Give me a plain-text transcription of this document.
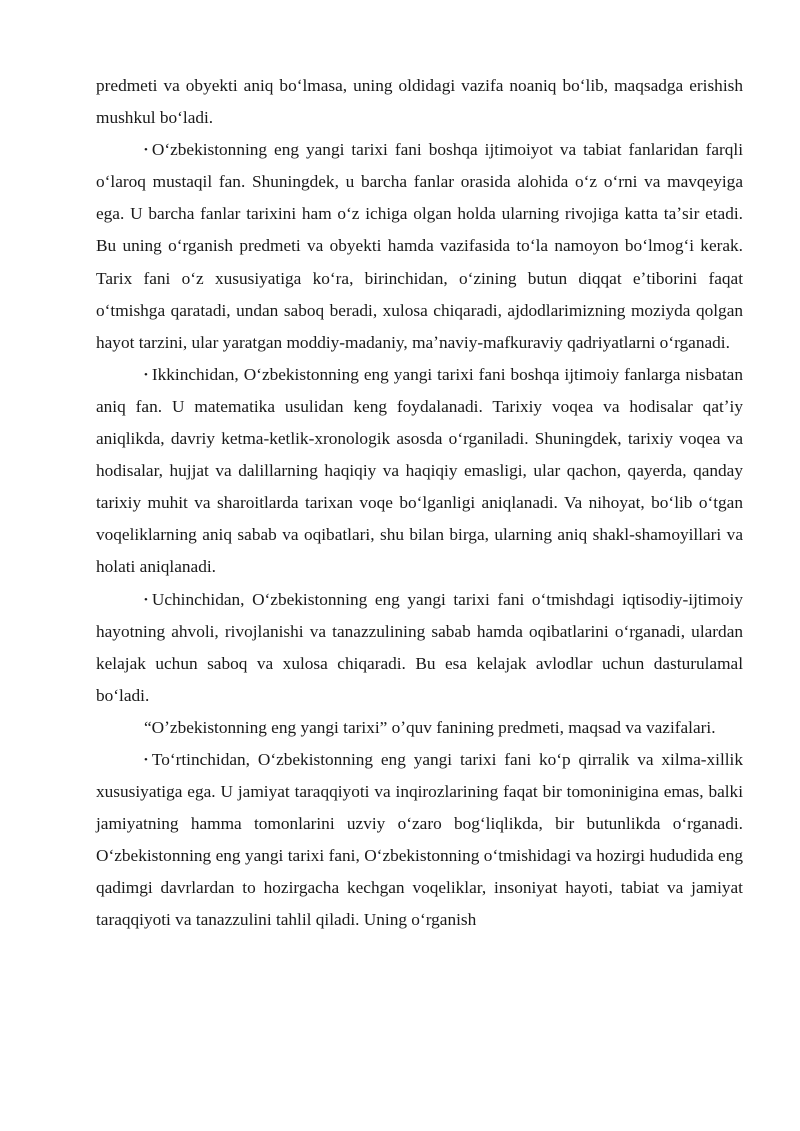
predmeti va obyekti aniq boʻlmasa, uning oldidagi vazifa noaniq boʻlib, maqsadga erishish mushkul boʻladi.

• Oʻzbekistonning eng yangi tarixi fani boshqa ijtimoiyot va tabiat fanlaridan farqli oʻlaroq mustaqil fan. Shuningdek, u barcha fanlar orasida alohida oʻz oʻrni va mavqeyiga ega. U barcha fanlar tarixini ham oʻz ichiga olgan holda ularning rivojiga katta taʼsir etadi. Bu uning oʻrganish predmeti va obyekti hamda vazifasida toʻla namoyon boʻlmogʻi kerak. Tarix fani oʻz xususiyatiga koʻra, birinchidan, oʻzining butun diqqat eʼtiborini faqat oʻtmishga qaratadi, undan saboq beradi, xulosa chiqaradi, ajdodlarimizning moziyda qolgan hayot tarzini, ular yaratgan moddiy-madaniy, maʼnaviy-mafkuraviy qadriyatlarni oʻrganadi.

• Ikkinchidan, Oʻzbekistonning eng yangi tarixi fani boshqa ijtimoiy fanlarga nisbatan aniq fan. U matematika usulidan keng foydalanadi. Tarixiy voqea va hodisalar qatʼiy aniqlikda, davriy ketma-ketlik-xronologik asosda oʻrganiladi. Shuningdek, tarixiy voqea va hodisalar, hujjat va dalillarning haqiqiy va haqiqiy emasligi, ular qachon, qayerda, qanday tarixiy muhit va sharoitlarda tarixan voqe boʻlganligi aniqlanadi. Va nihoyat, boʻlib oʻtgan voqeliklarning aniq sabab va oqibatlari, shu bilan birga, ularning aniq shakl-shamoyillari va holati aniqlanadi.

• Uchinchidan, Oʻzbekistonning eng yangi tarixi fani oʻtmishdagi iqtisodiy-ijtimoiy hayotning ahvoli, rivojlanishi va tanazzulining sabab hamda oqibatlarini oʻrganadi, ulardan kelajak uchun saboq va xulosa chiqaradi. Bu esa kelajak avlodlar uchun dasturulamal boʻladi.

“Oʼzbekistonning eng yangi tarixi” oʼquv fanining predmeti, maqsad va vazifalari.

• Toʻrtinchidan, Oʻzbekistonning eng yangi tarixi fani koʻp qirralik va xilma-xillik xususiyatiga ega. U jamiyat taraqqiyoti va inqirozlarining faqat bir tomoninigina emas, balki jamiyatning hamma tomonlarini uzviy oʻzaro bogʻliqlikda, bir butunlikda oʻrganadi. Oʻzbekistonning eng yangi tarixi fani, Oʻzbekistonning oʻtmishidagi va hozirgi hududida eng qadimgi davrlardan to hozirgacha kechgan voqeliklar, insoniyat hayoti, tabiat va jamiyat taraqqiyoti va tanazzulini tahlil qiladi. Uning oʻrganish
